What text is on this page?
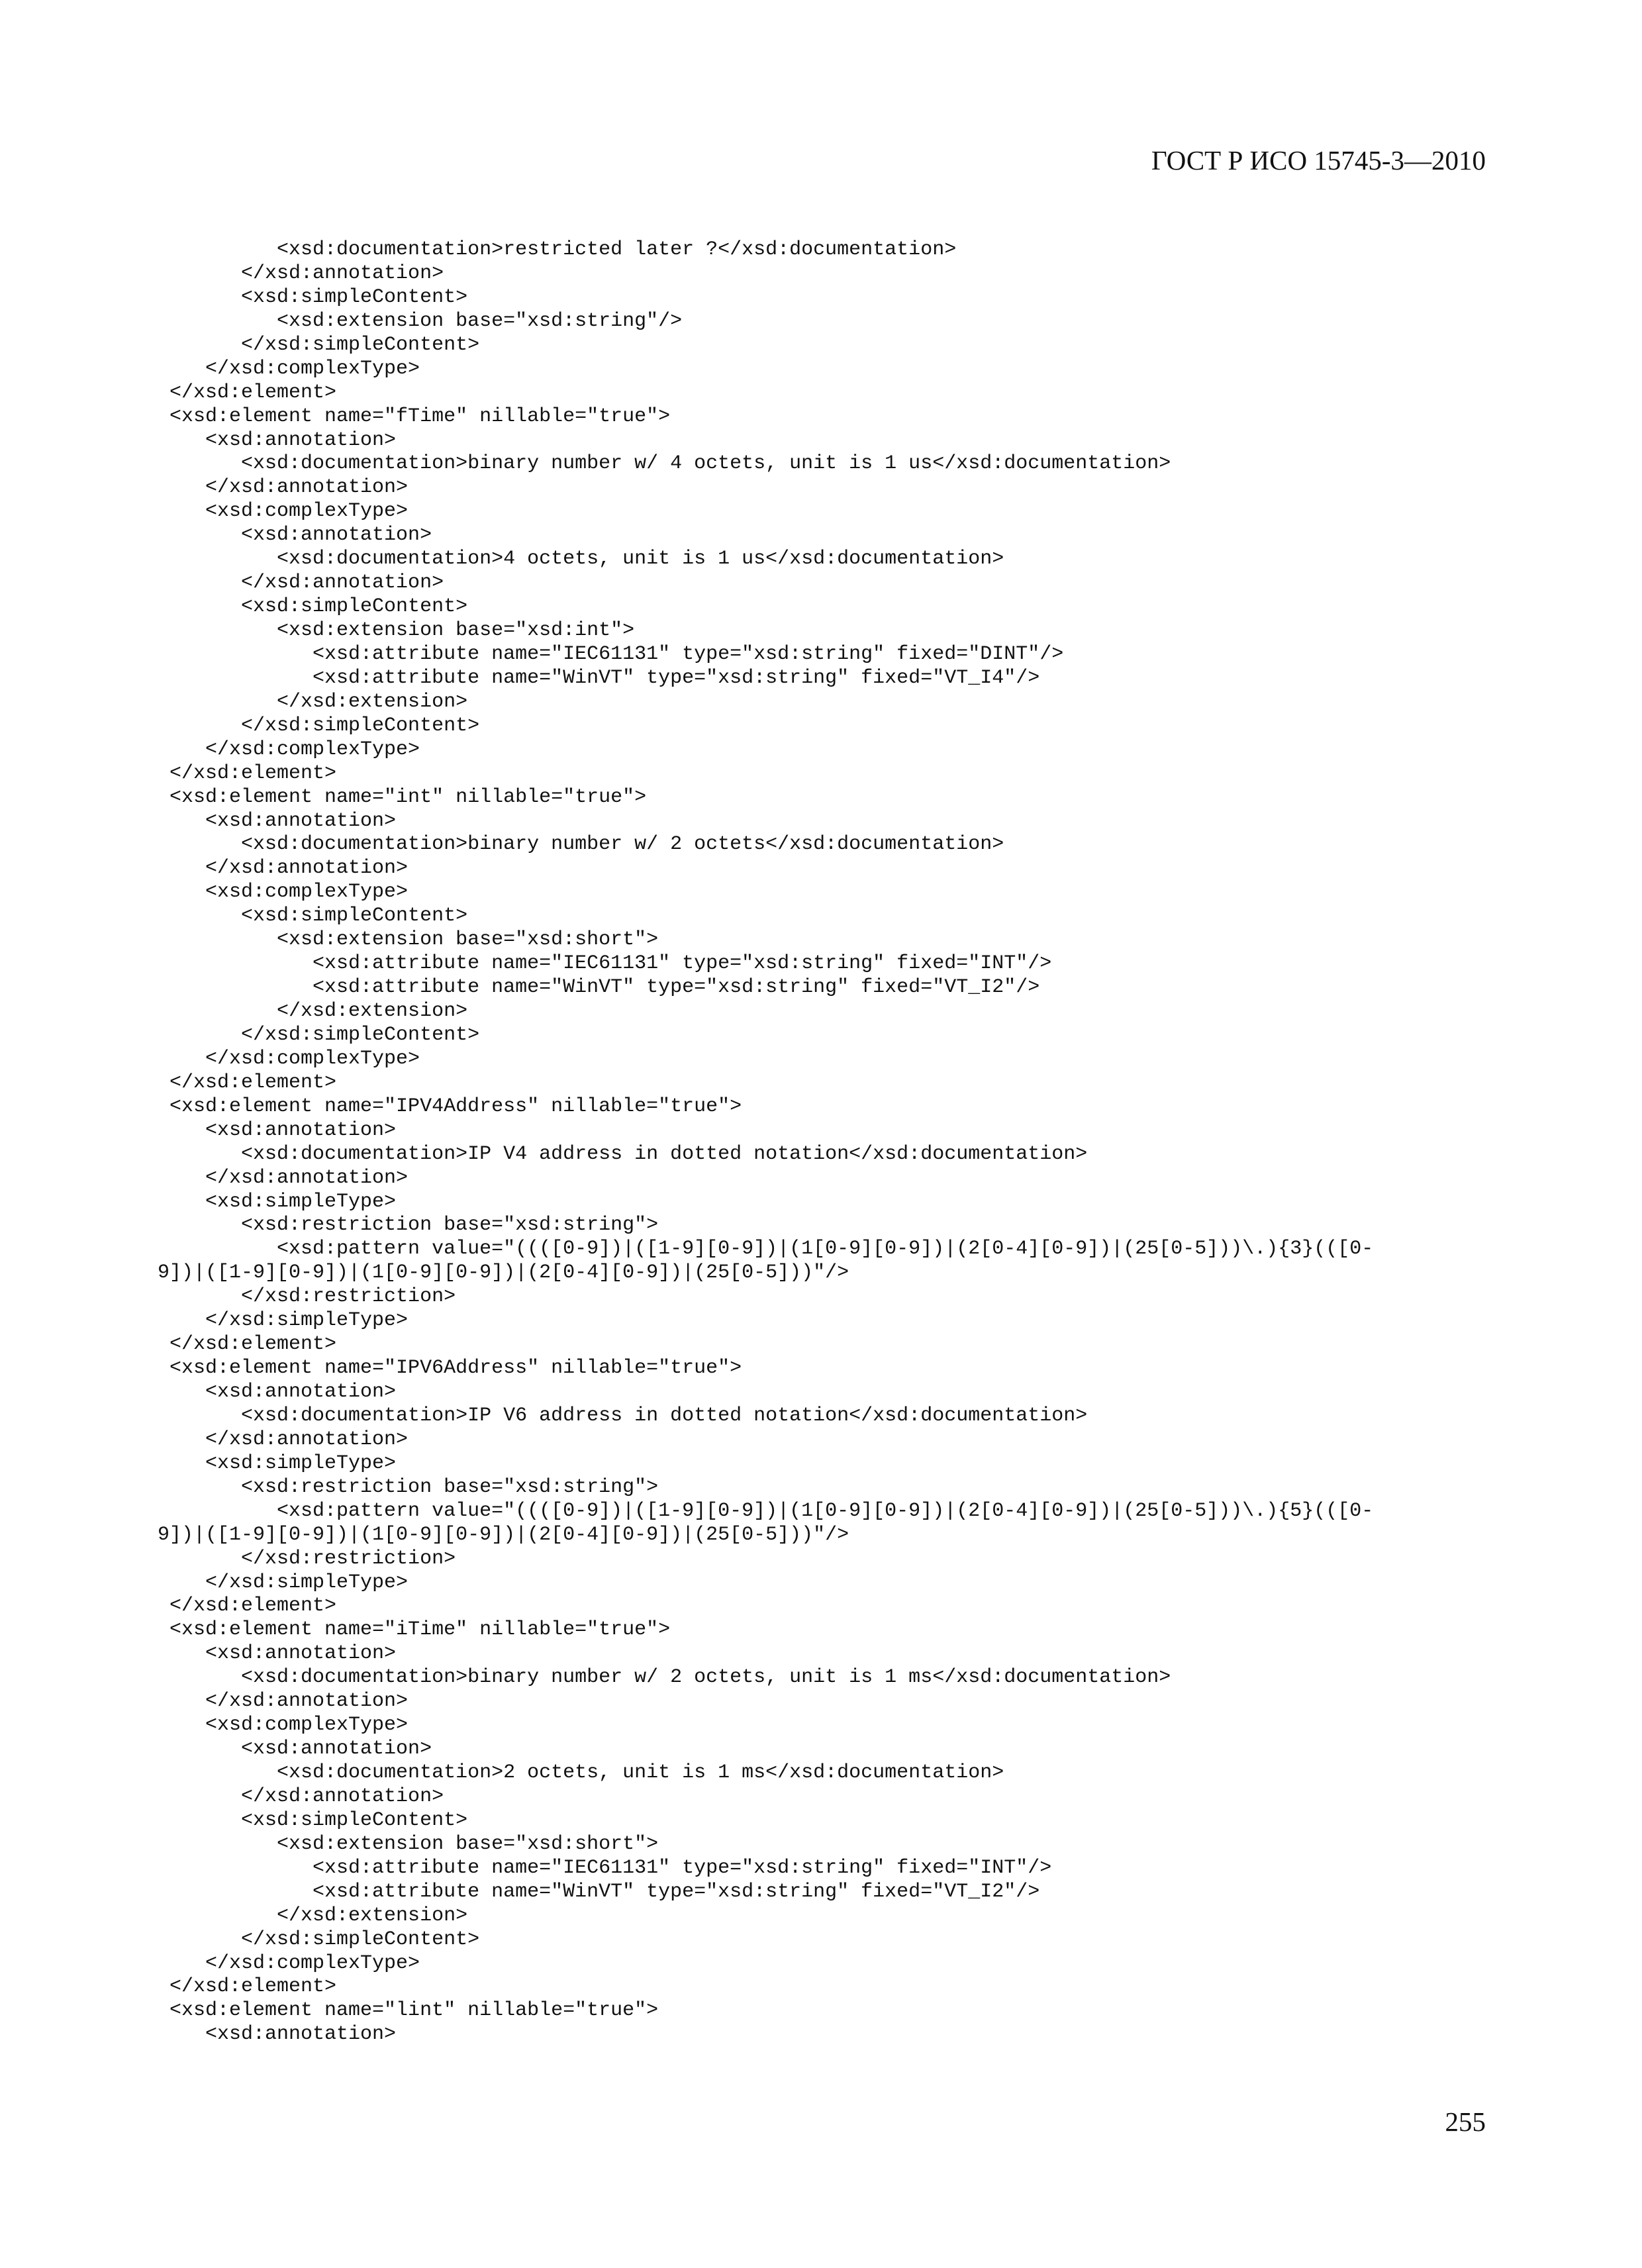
ГОСТ Р ИСО 15745-3—2010
<xsd:documentation>restricted later ?</xsd:documentation>
</xsd:annotation>
<xsd:simpleContent>
<xsd:extension base="xsd:string"/>
</xsd:simpleContent>
</xsd:complexType>
</xsd:element>
<xsd:element name="fTime" nillable="true">
<xsd:annotation>
<xsd:documentation>binary number w/ 4 octets, unit is 1 us</xsd:documentation>
</xsd:annotation>
<xsd:complexType>
<xsd:annotation>
<xsd:documentation>4 octets, unit is 1 us</xsd:documentation>
</xsd:annotation>
<xsd:simpleContent>
<xsd:extension base="xsd:int">
<xsd:attribute name="IEC61131" type="xsd:string" fixed="DINT"/>
<xsd:attribute name="WinVT" type="xsd:string" fixed="VT_I4"/>
</xsd:extension>
</xsd:simpleContent>
</xsd:complexType>
</xsd:element>
<xsd:element name="int" nillable="true">
<xsd:annotation>
<xsd:documentation>binary number w/ 2 octets</xsd:documentation>
</xsd:annotation>
<xsd:complexType>
<xsd:simpleContent>
<xsd:extension base="xsd:short">
<xsd:attribute name="IEC61131" type="xsd:string" fixed="INT"/>
<xsd:attribute name="WinVT" type="xsd:string" fixed="VT_I2"/>
</xsd:extension>
</xsd:simpleContent>
</xsd:complexType>
</xsd:element>
<xsd:element name="IPV4Address" nillable="true">
<xsd:annotation>
<xsd:documentation>IP V4 address in dotted notation</xsd:documentation>
</xsd:annotation>
<xsd:simpleType>
<xsd:restriction base="xsd:string">
<xsd:pattern value="((([0-9])|([1-9][0-9])|(1[0-9][0-9])|(2[0-4][0-9])|(25[0-5]))\.){3}(([0-
9])|([1-9][0-9])|(1[0-9][0-9])|(2[0-4][0-9])|(25[0-5]))"/>
</xsd:restriction>
</xsd:simpleType>
</xsd:element>
<xsd:element name="IPV6Address" nillable="true">
<xsd:annotation>
<xsd:documentation>IP V6 address in dotted notation</xsd:documentation>
</xsd:annotation>
<xsd:simpleType>
<xsd:restriction base="xsd:string">
<xsd:pattern value="((([0-9])|([1-9][0-9])|(1[0-9][0-9])|(2[0-4][0-9])|(25[0-5]))\.){5}(([0-
9])|([1-9][0-9])|(1[0-9][0-9])|(2[0-4][0-9])|(25[0-5]))"/>
</xsd:restriction>
</xsd:simpleType>
</xsd:element>
<xsd:element name="iTime" nillable="true">
<xsd:annotation>
<xsd:documentation>binary number w/ 2 octets, unit is 1 ms</xsd:documentation>
</xsd:annotation>
<xsd:complexType>
<xsd:annotation>
<xsd:documentation>2 octets, unit is 1 ms</xsd:documentation>
</xsd:annotation>
<xsd:simpleContent>
<xsd:extension base="xsd:short">
<xsd:attribute name="IEC61131" type="xsd:string" fixed="INT"/>
<xsd:attribute name="WinVT" type="xsd:string" fixed="VT_I2"/>
</xsd:extension>
</xsd:simpleContent>
</xsd:complexType>
</xsd:element>
<xsd:element name="lint" nillable="true">
<xsd:annotation>
255
